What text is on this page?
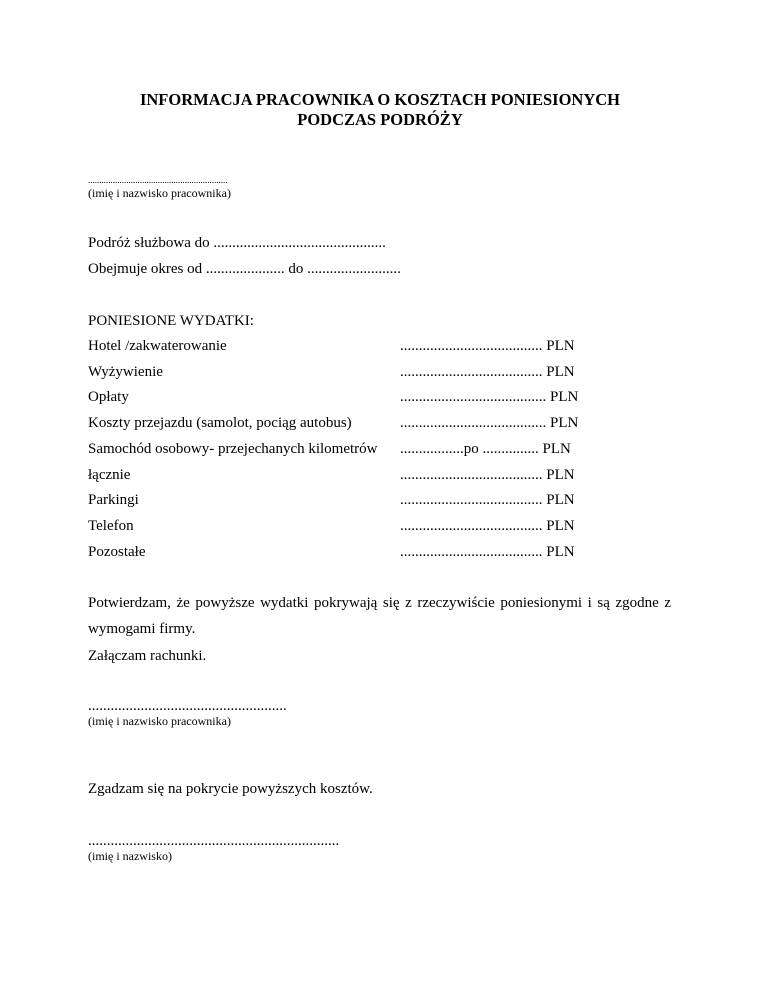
INFORMACJA PRACOWNIKA O KOSZTACH PONIESIONYCH
PODCZAS PODRÓŻY
..............................................................
(imię i nazwisko pracownika)
Podróż służbowa do ..............................................
Obejmuje okres od ..................... do .........................
PONIESIONE WYDATKI:
Hotel /zakwaterowanie	...................................... PLN
Wyżywienie	...................................... PLN
Opłaty	....................................... PLN
Koszty przejazdu (samolot, pociąg autobus)	....................................... PLN
Samochód osobowy- przejechanych kilometrów .................po ............... PLN
łącznie	...................................... PLN
Parkingi	...................................... PLN
Telefon	...................................... PLN
Pozostałe	...................................... PLN
Potwierdzam, że powyższe wydatki pokrywają się z rzeczywiście poniesionymi i są zgodne z wymogami firmy.
Załączam rachunki.
.....................................................
(imię i nazwisko pracownika)
Zgadzam się na pokrycie powyższych kosztów.
...................................................................
(imię i nazwisko)
